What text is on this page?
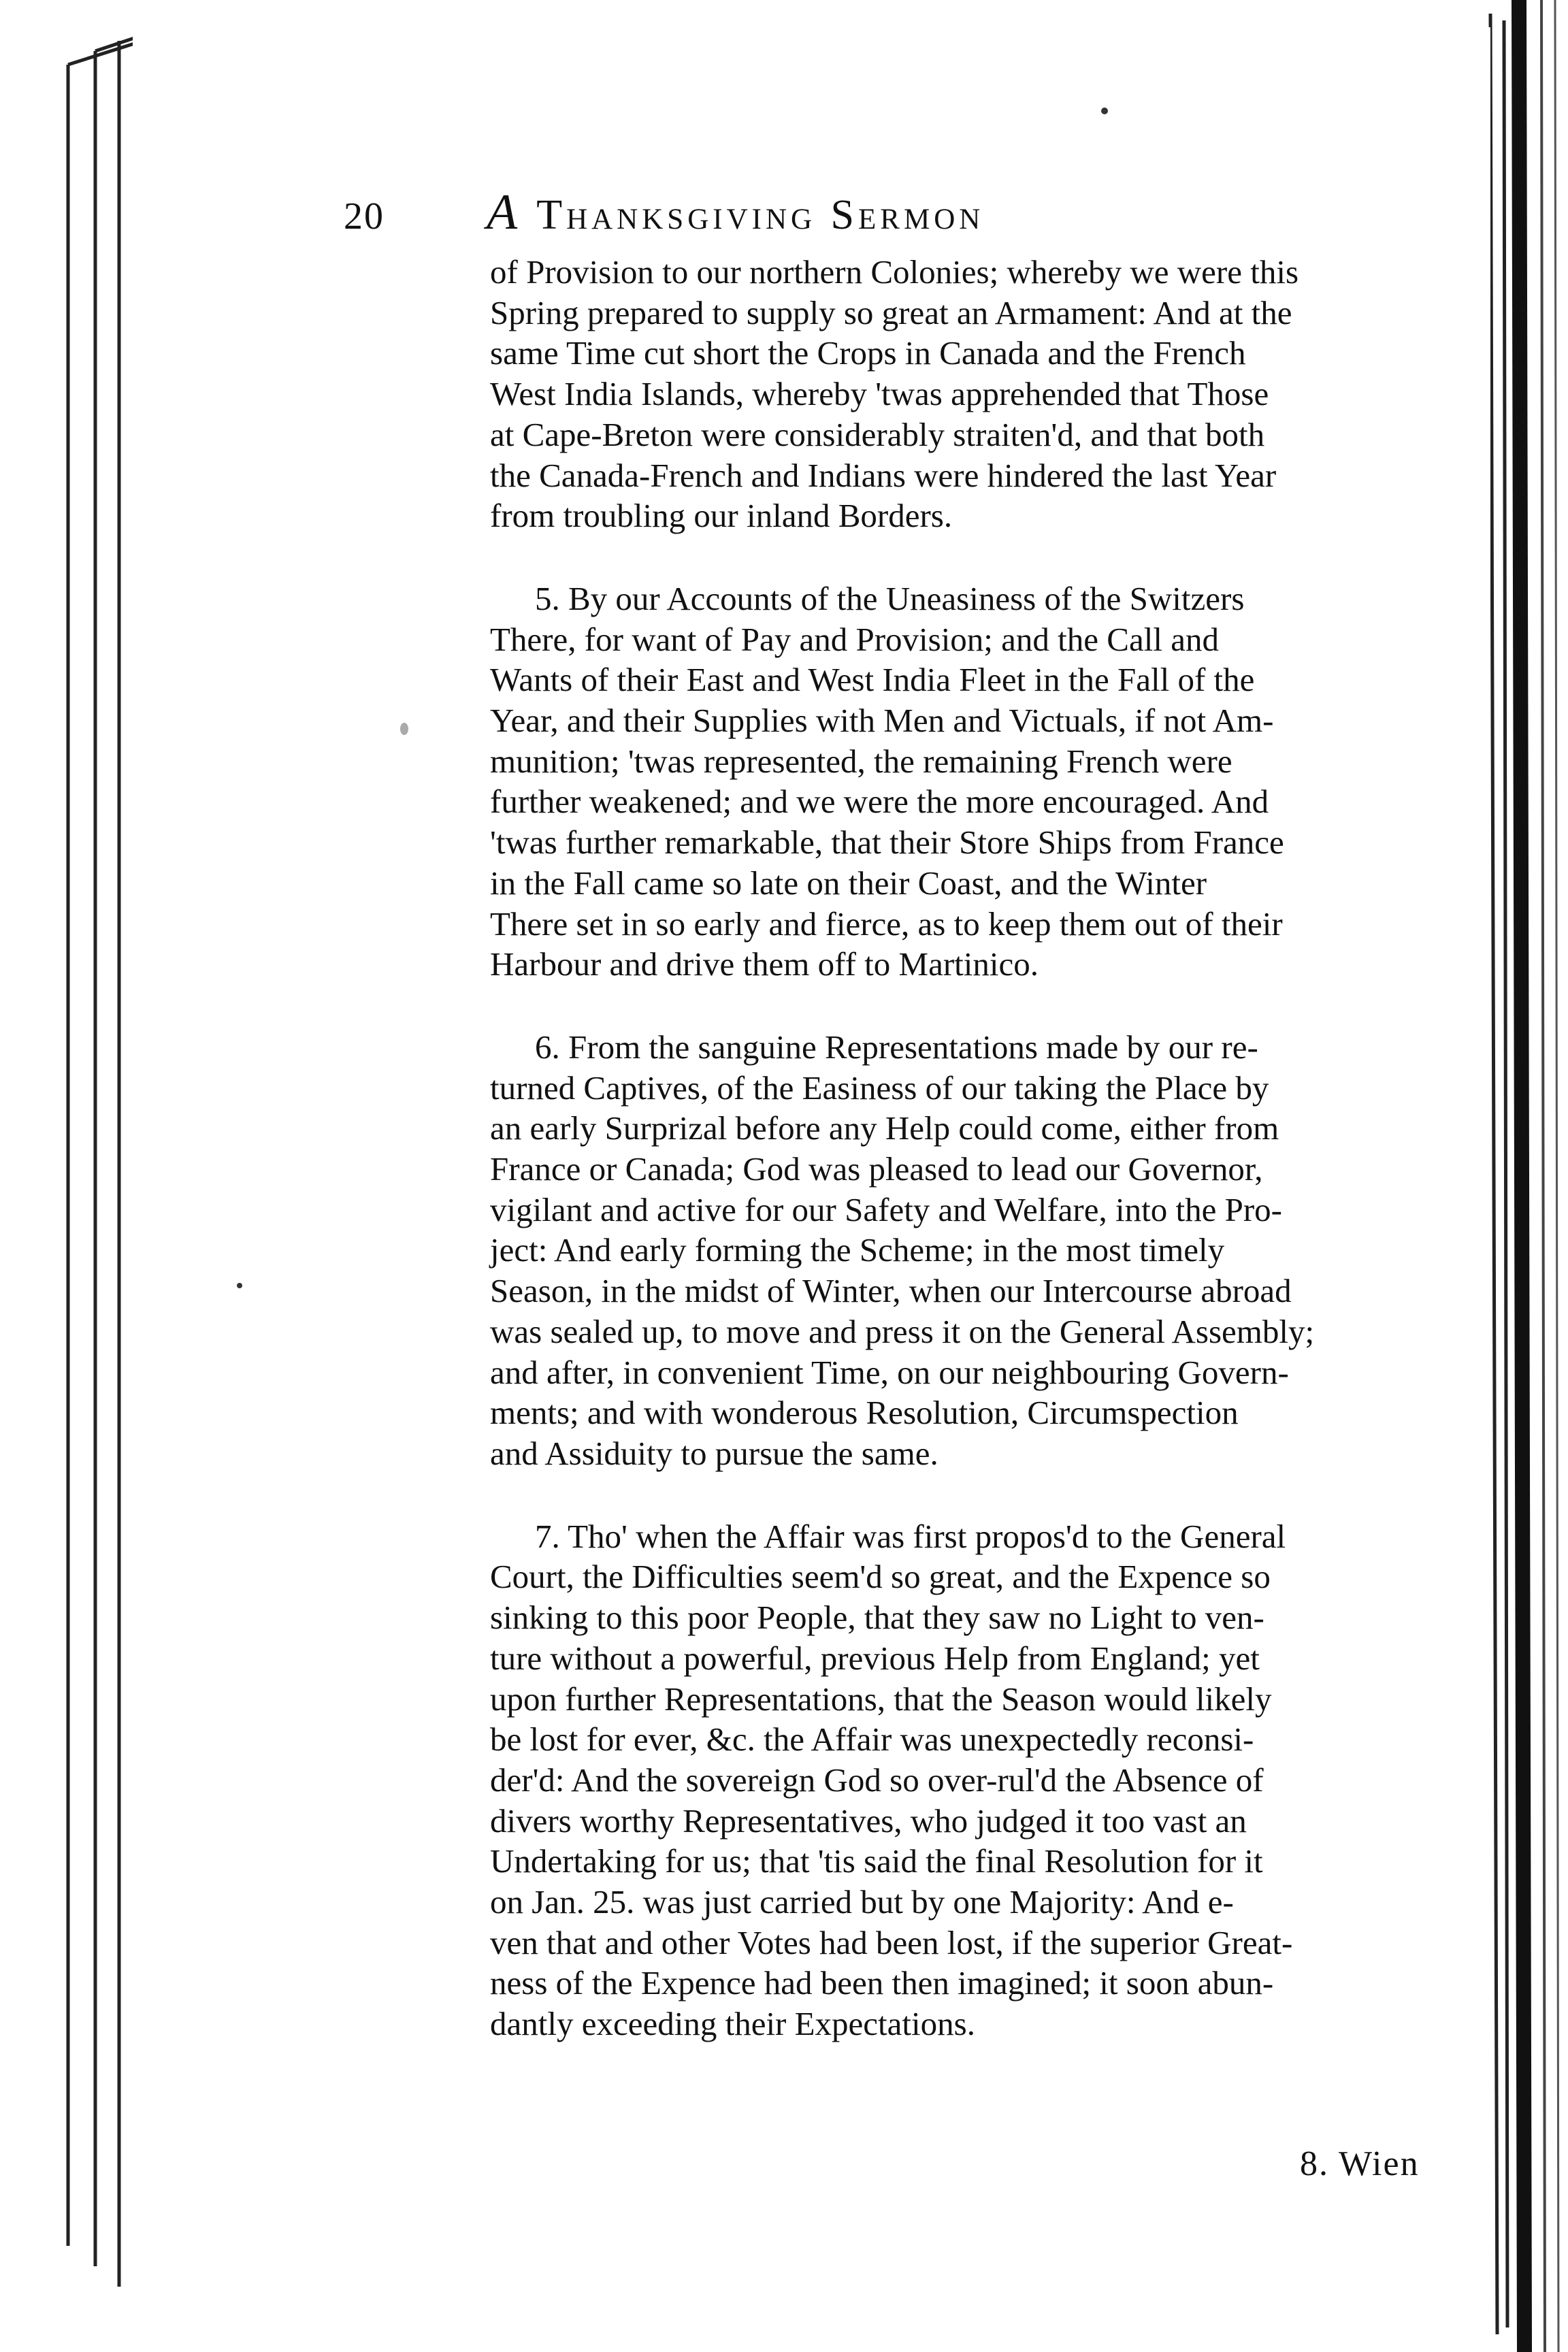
20	A Thanksgiving Sermon
of Provision to our northern Colonies; whereby we were this
Spring prepared to supply so great an Armament: And at the
same Time cut short the Crops in Canada and the French
West India Islands, whereby 'twas apprehended that Those
at Cape-Breton were considerably straiten'd, and that both
the Canada-French and Indians were hindered the last Year
from troubling our inland Borders.
5. By our Accounts of the Uneasiness of the Switzers
There, for want of Pay and Provision; and the Call and
Wants of their East and West India Fleet in the Fall of the
Year, and their Supplies with Men and Victuals, if not Am-
munition; 'twas represented, the remaining French were
further weakened; and we were the more encouraged. And
'twas further remarkable, that their Store Ships from France
in the Fall came so late on their Coast, and the Winter
There set in so early and fierce, as to keep them out of their
Harbour and drive them off to Martinico.
6. From the sanguine Representations made by our re-
turned Captives, of the Easiness of our taking the Place by
an early Surprizal before any Help could come, either from
France or Canada; God was pleased to lead our Governor,
vigilant and active for our Safety and Welfare, into the Pro-
ject: And early forming the Scheme; in the most timely
Season, in the midst of Winter, when our Intercourse abroad
was sealed up, to move and press it on the General Assembly;
and after, in convenient Time, on our neighbouring Govern-
ments; and with wonderous Resolution, Circumspection
and Assiduity to pursue the same.
7. Tho' when the Affair was first propos'd to the General
Court, the Difficulties seem'd so great, and the Expence so
sinking to this poor People, that they saw no Light to ven-
ture without a powerful, previous Help from England; yet
upon further Representations, that the Season would likely
be lost for ever, &c. the Affair was unexpectedly reconsi-
der'd: And the sovereign God so over-rul'd the Absence of
divers worthy Representatives, who judged it too vast an
Undertaking for us; that 'tis said the final Resolution for it
on Jan. 25. was just carried but by one Majority: And e-
ven that and other Votes had been lost, if the superior Great-
ness of the Expence had been then imagined; it soon abun-
dantly exceeding their Expectations.
8. Wien
